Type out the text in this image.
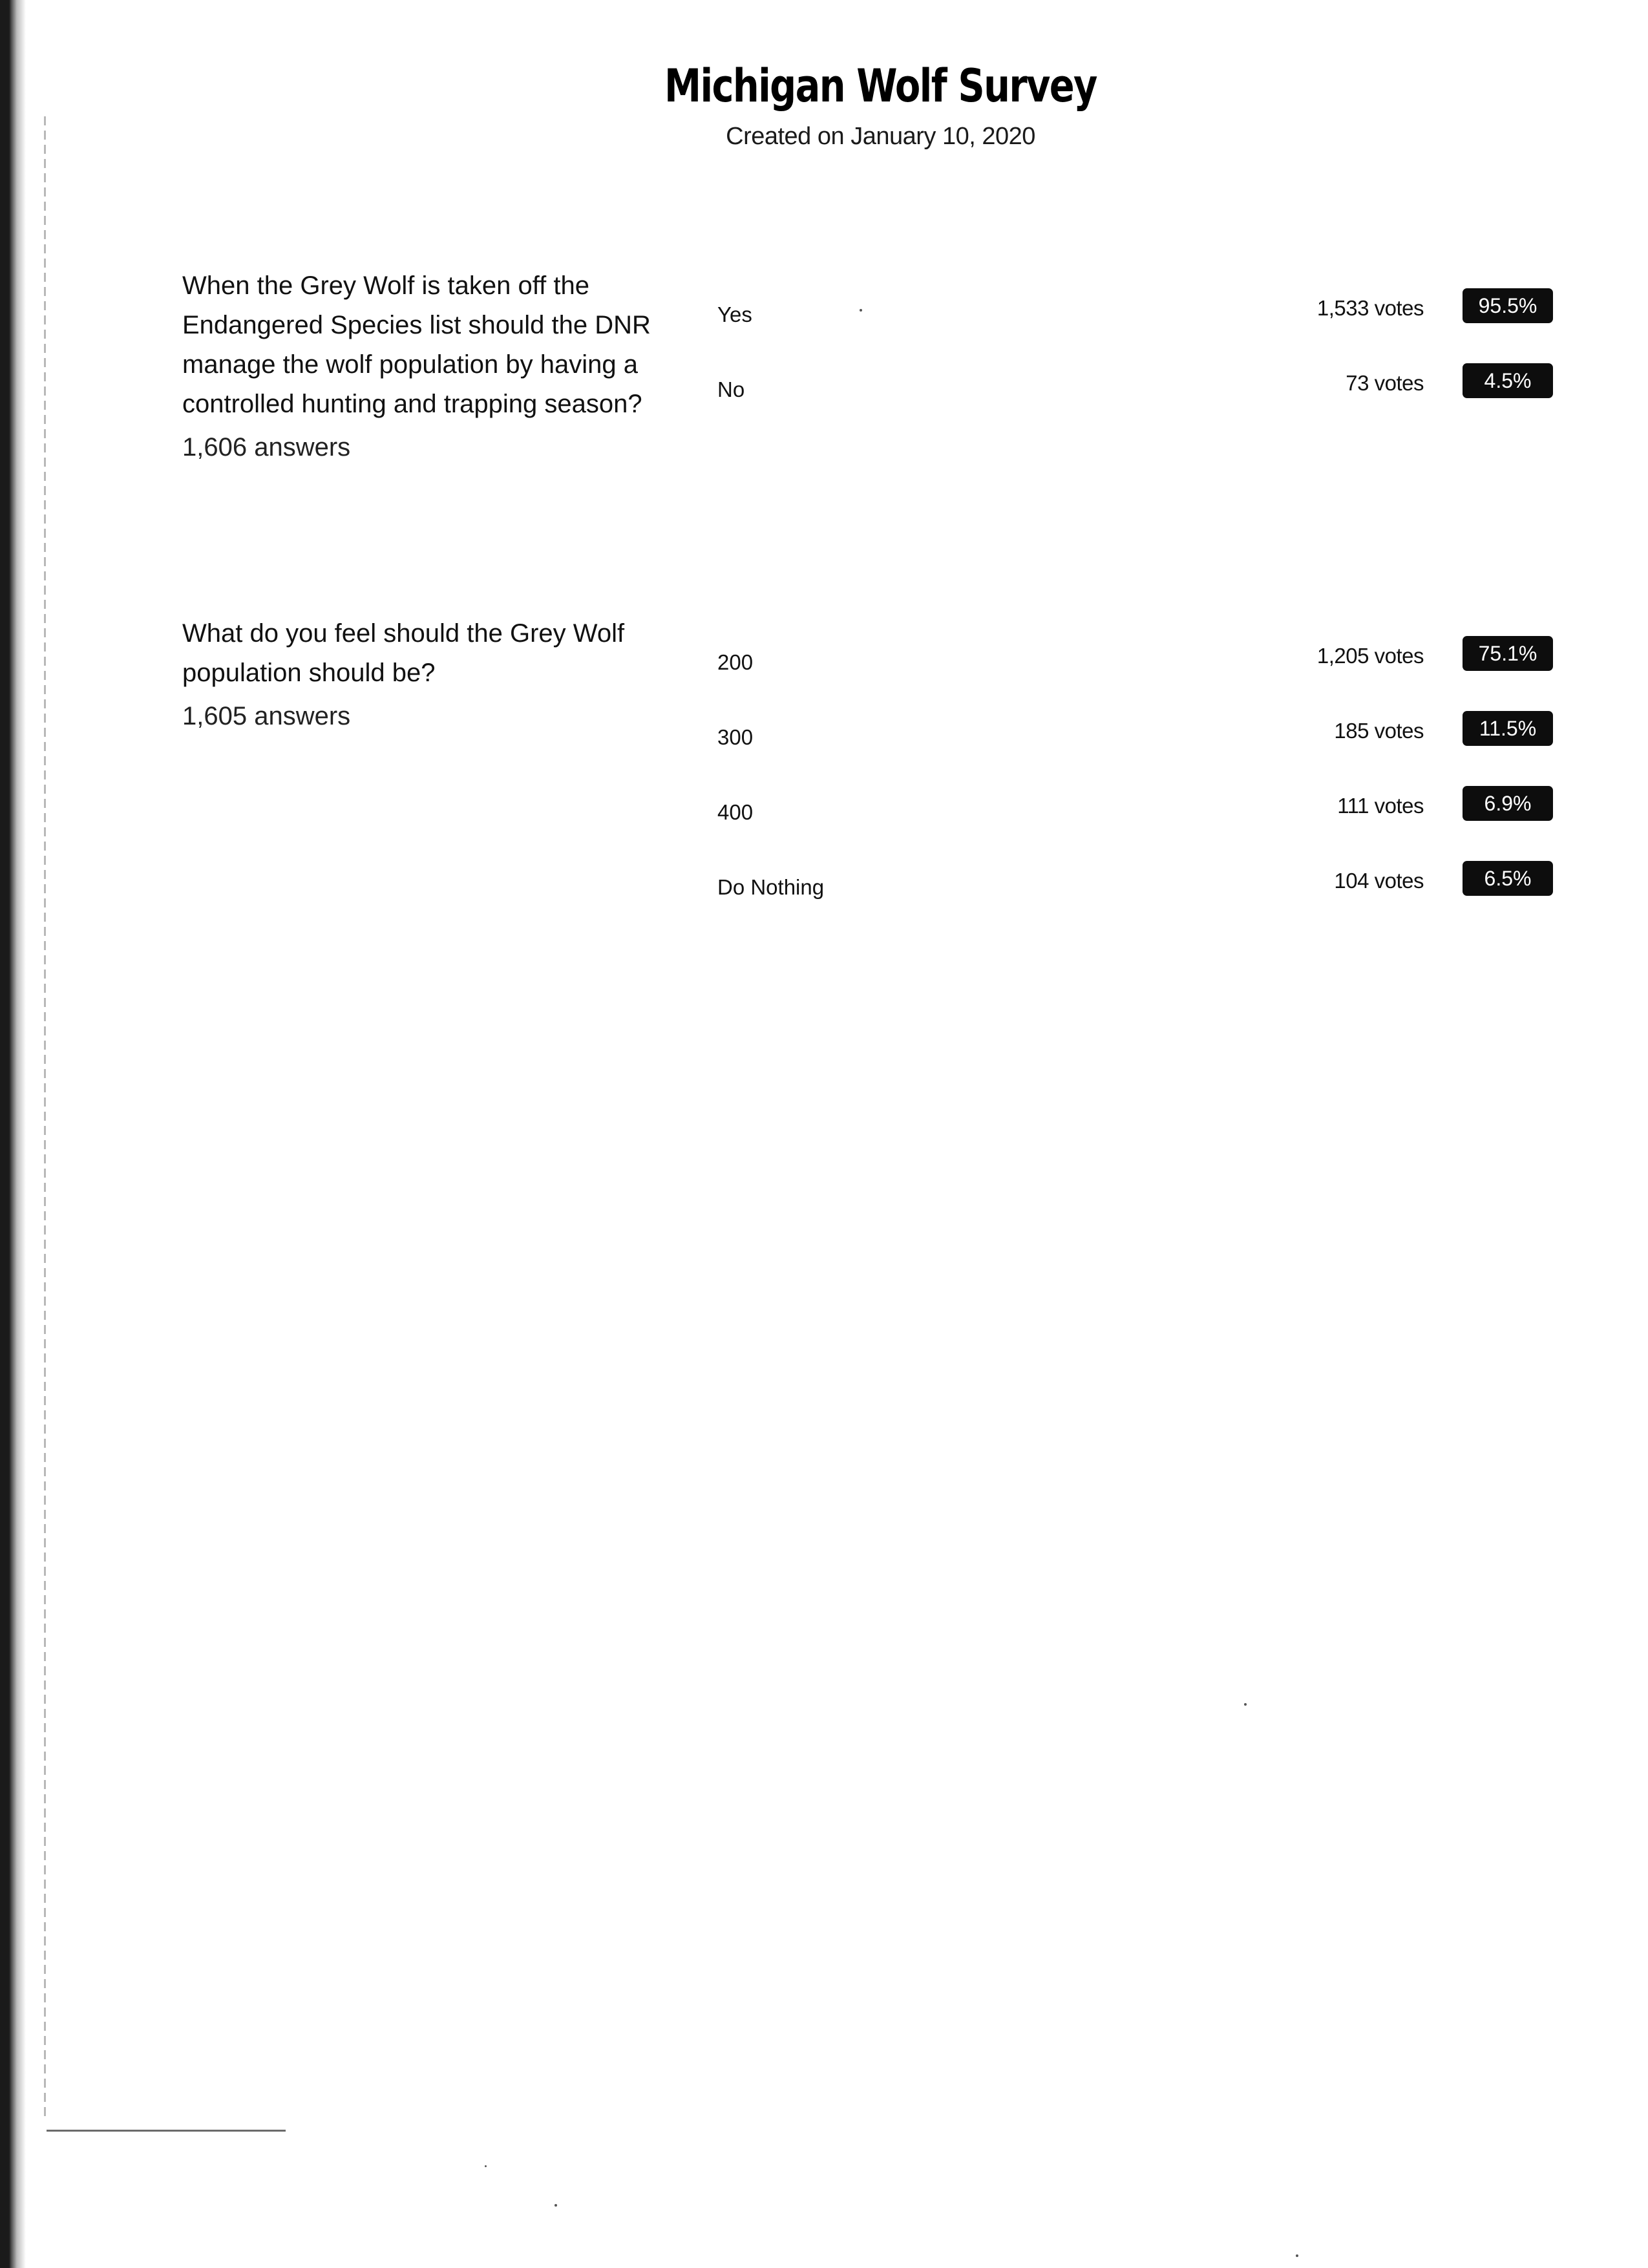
Michigan Wolf Survey
Created on January 10, 2020
When the Grey Wolf is taken off the Endangered Species list should the DNR manage the wolf population by having a controlled hunting and trapping season?
1,606 answers
Yes	1,533 votes	95.5%
No	73 votes	4.5%
What do you feel should the Grey Wolf population should be?
1,605 answers
200	1,205 votes	75.1%
300	185 votes	11.5%
400	111 votes	6.9%
Do Nothing	104 votes	6.5%
